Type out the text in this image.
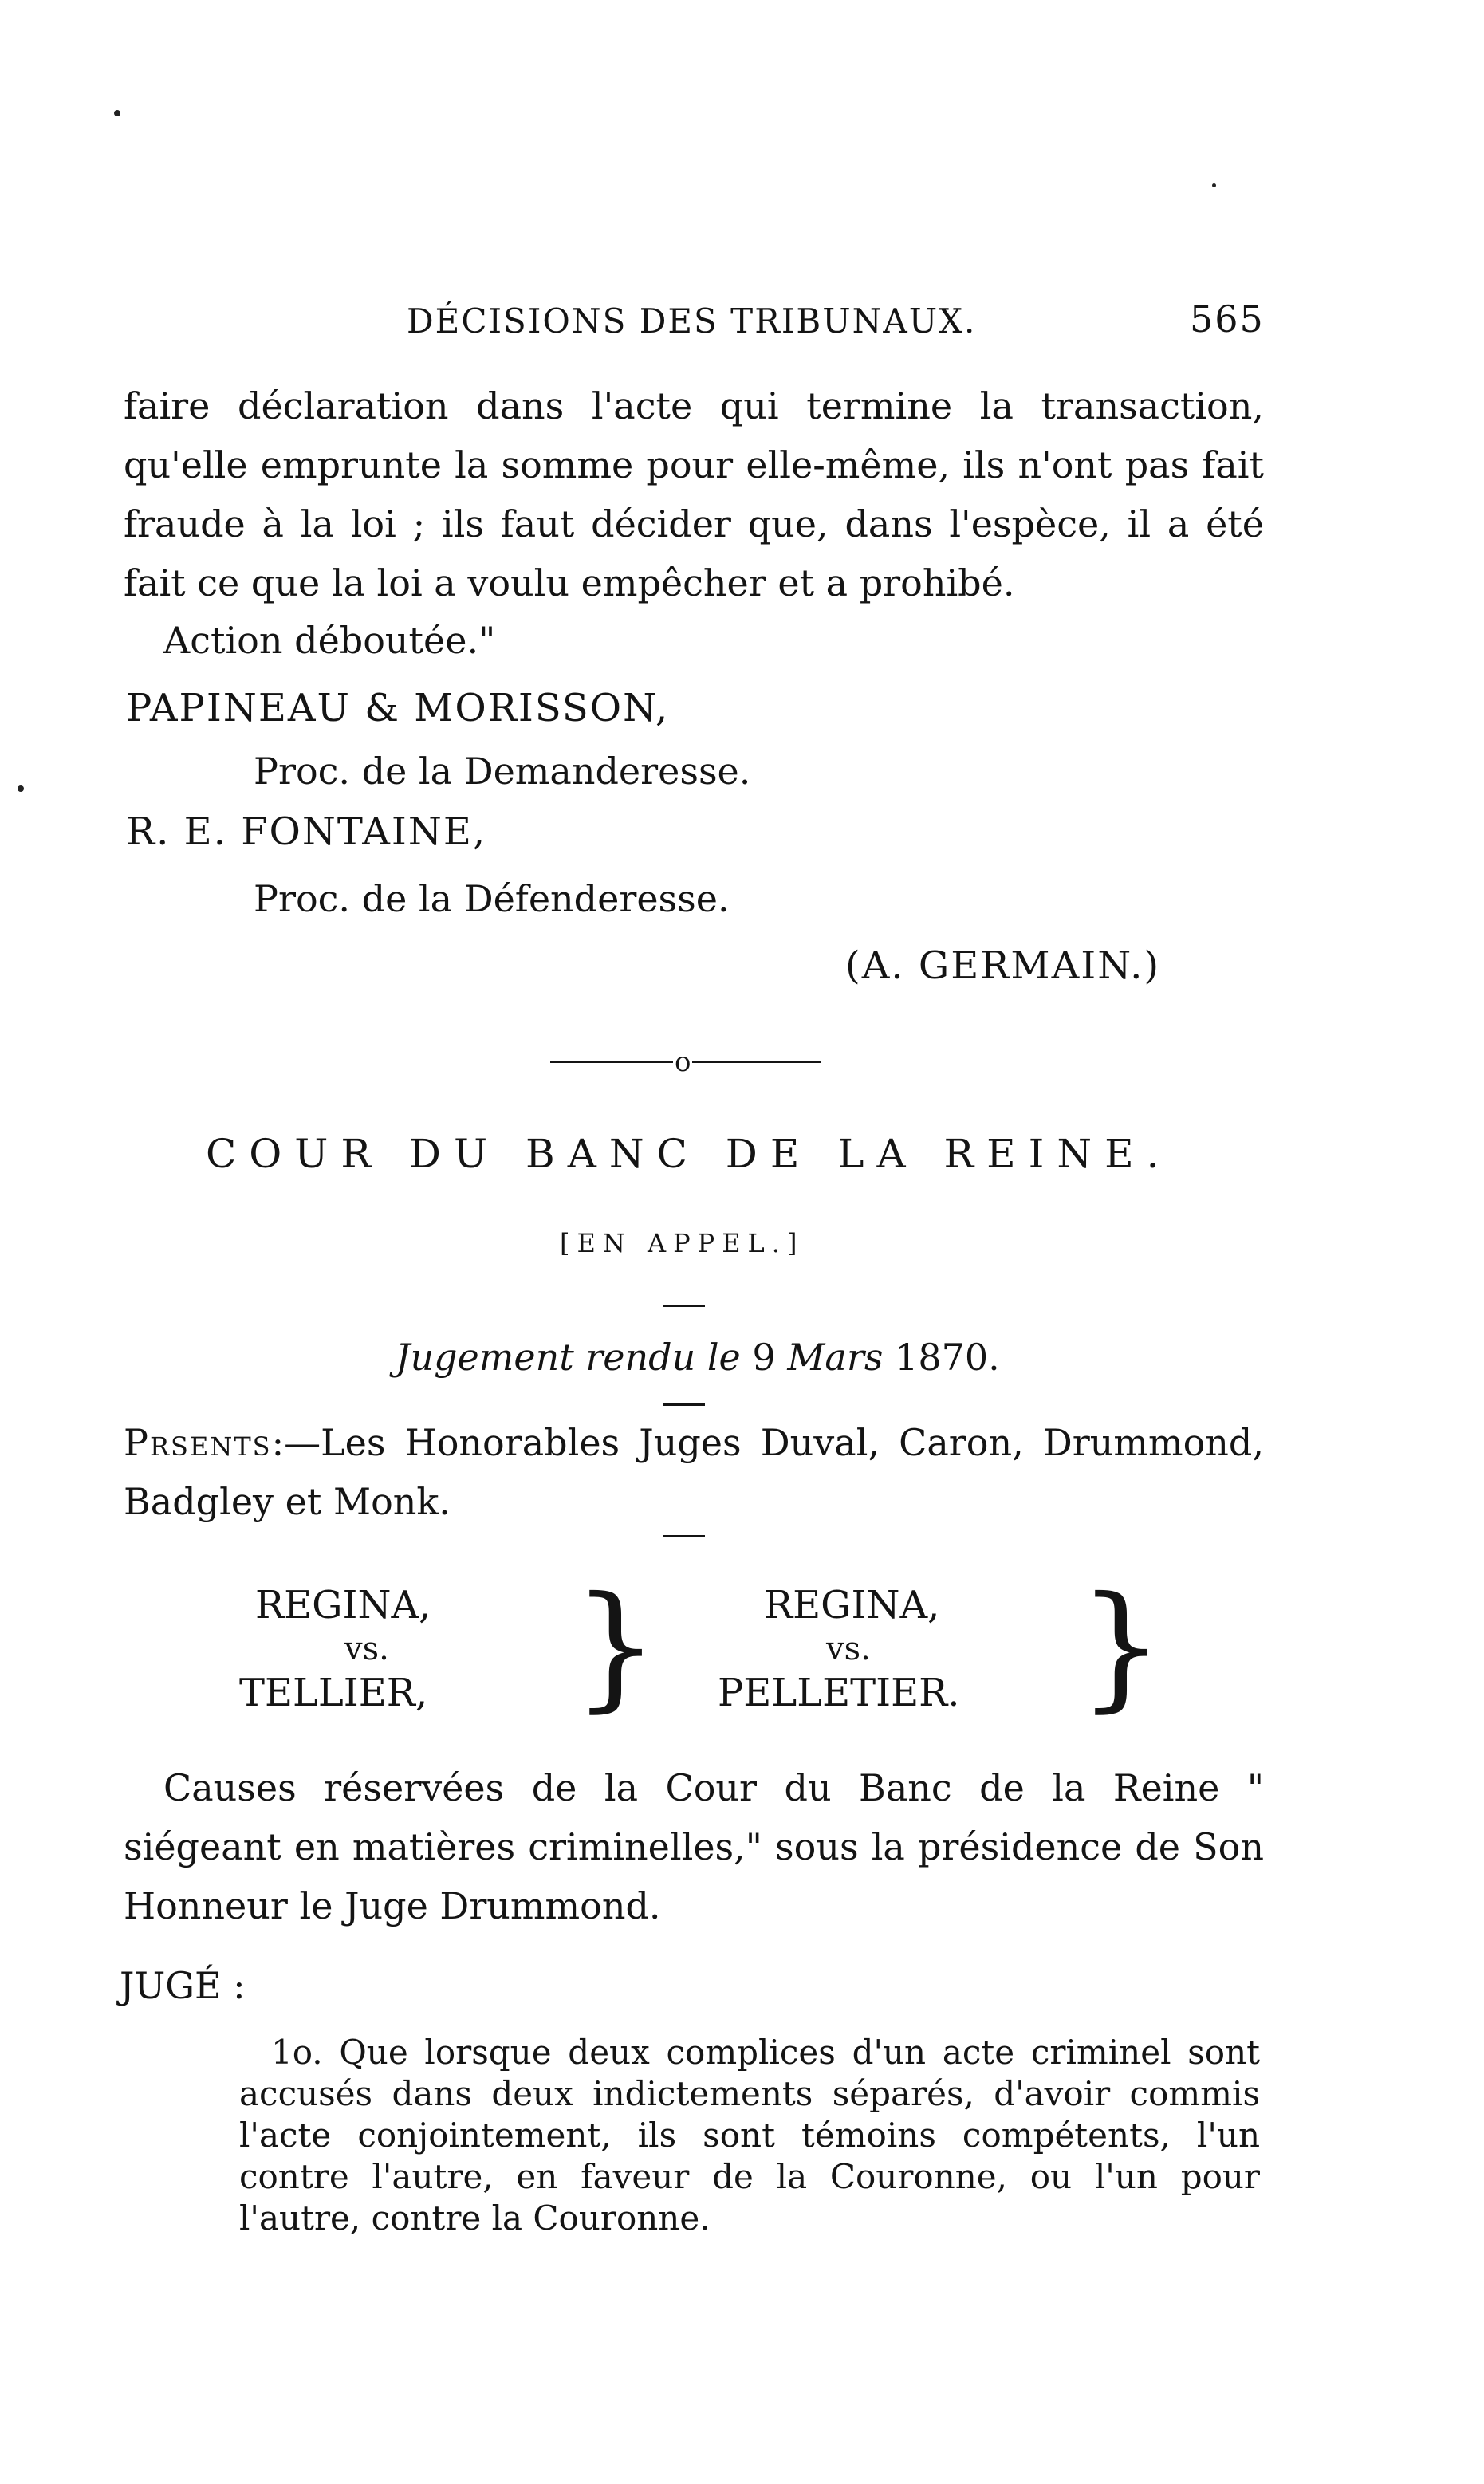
DÉCISIONS DES TRIBUNAUX.	565
faire déclaration dans l'acte qui termine la transaction, qu'elle emprunte la somme pour elle-même, ils n'ont pas fait fraude à la loi ; ils faut décider que, dans l'espèce, il a été fait ce que la loi a voulu empêcher et a prohibé.
Action déboutée."
PAPINEAU & MORISSON,
Proc. de la Demanderesse.
R. E. FONTAINE,
Proc. de la Défenderesse.
(A. GERMAIN.)
o
COUR DU BANC DE LA REINE.
[EN APPEL.]
Jugement rendu le 9 Mars 1870.
Prsents:—Les Honorables Juges Duval, Caron, Drummond, Badgley et Monk.
REGINA,
vs.
TELLIER, }	REGINA,
vs.
PELLETIER. }
Causes réservées de la Cour du Banc de la Reine " siégeant en matières criminelles," sous la présidence de Son Honneur le Juge Drummond.
JUGÉ :
1o. Que lorsque deux complices d'un acte criminel sont accusés dans deux indictements séparés, d'avoir commis l'acte conjointement, ils sont témoins compétents, l'un contre l'autre, en faveur de la Couronne, ou l'un pour l'autre, contre la Couronne.
